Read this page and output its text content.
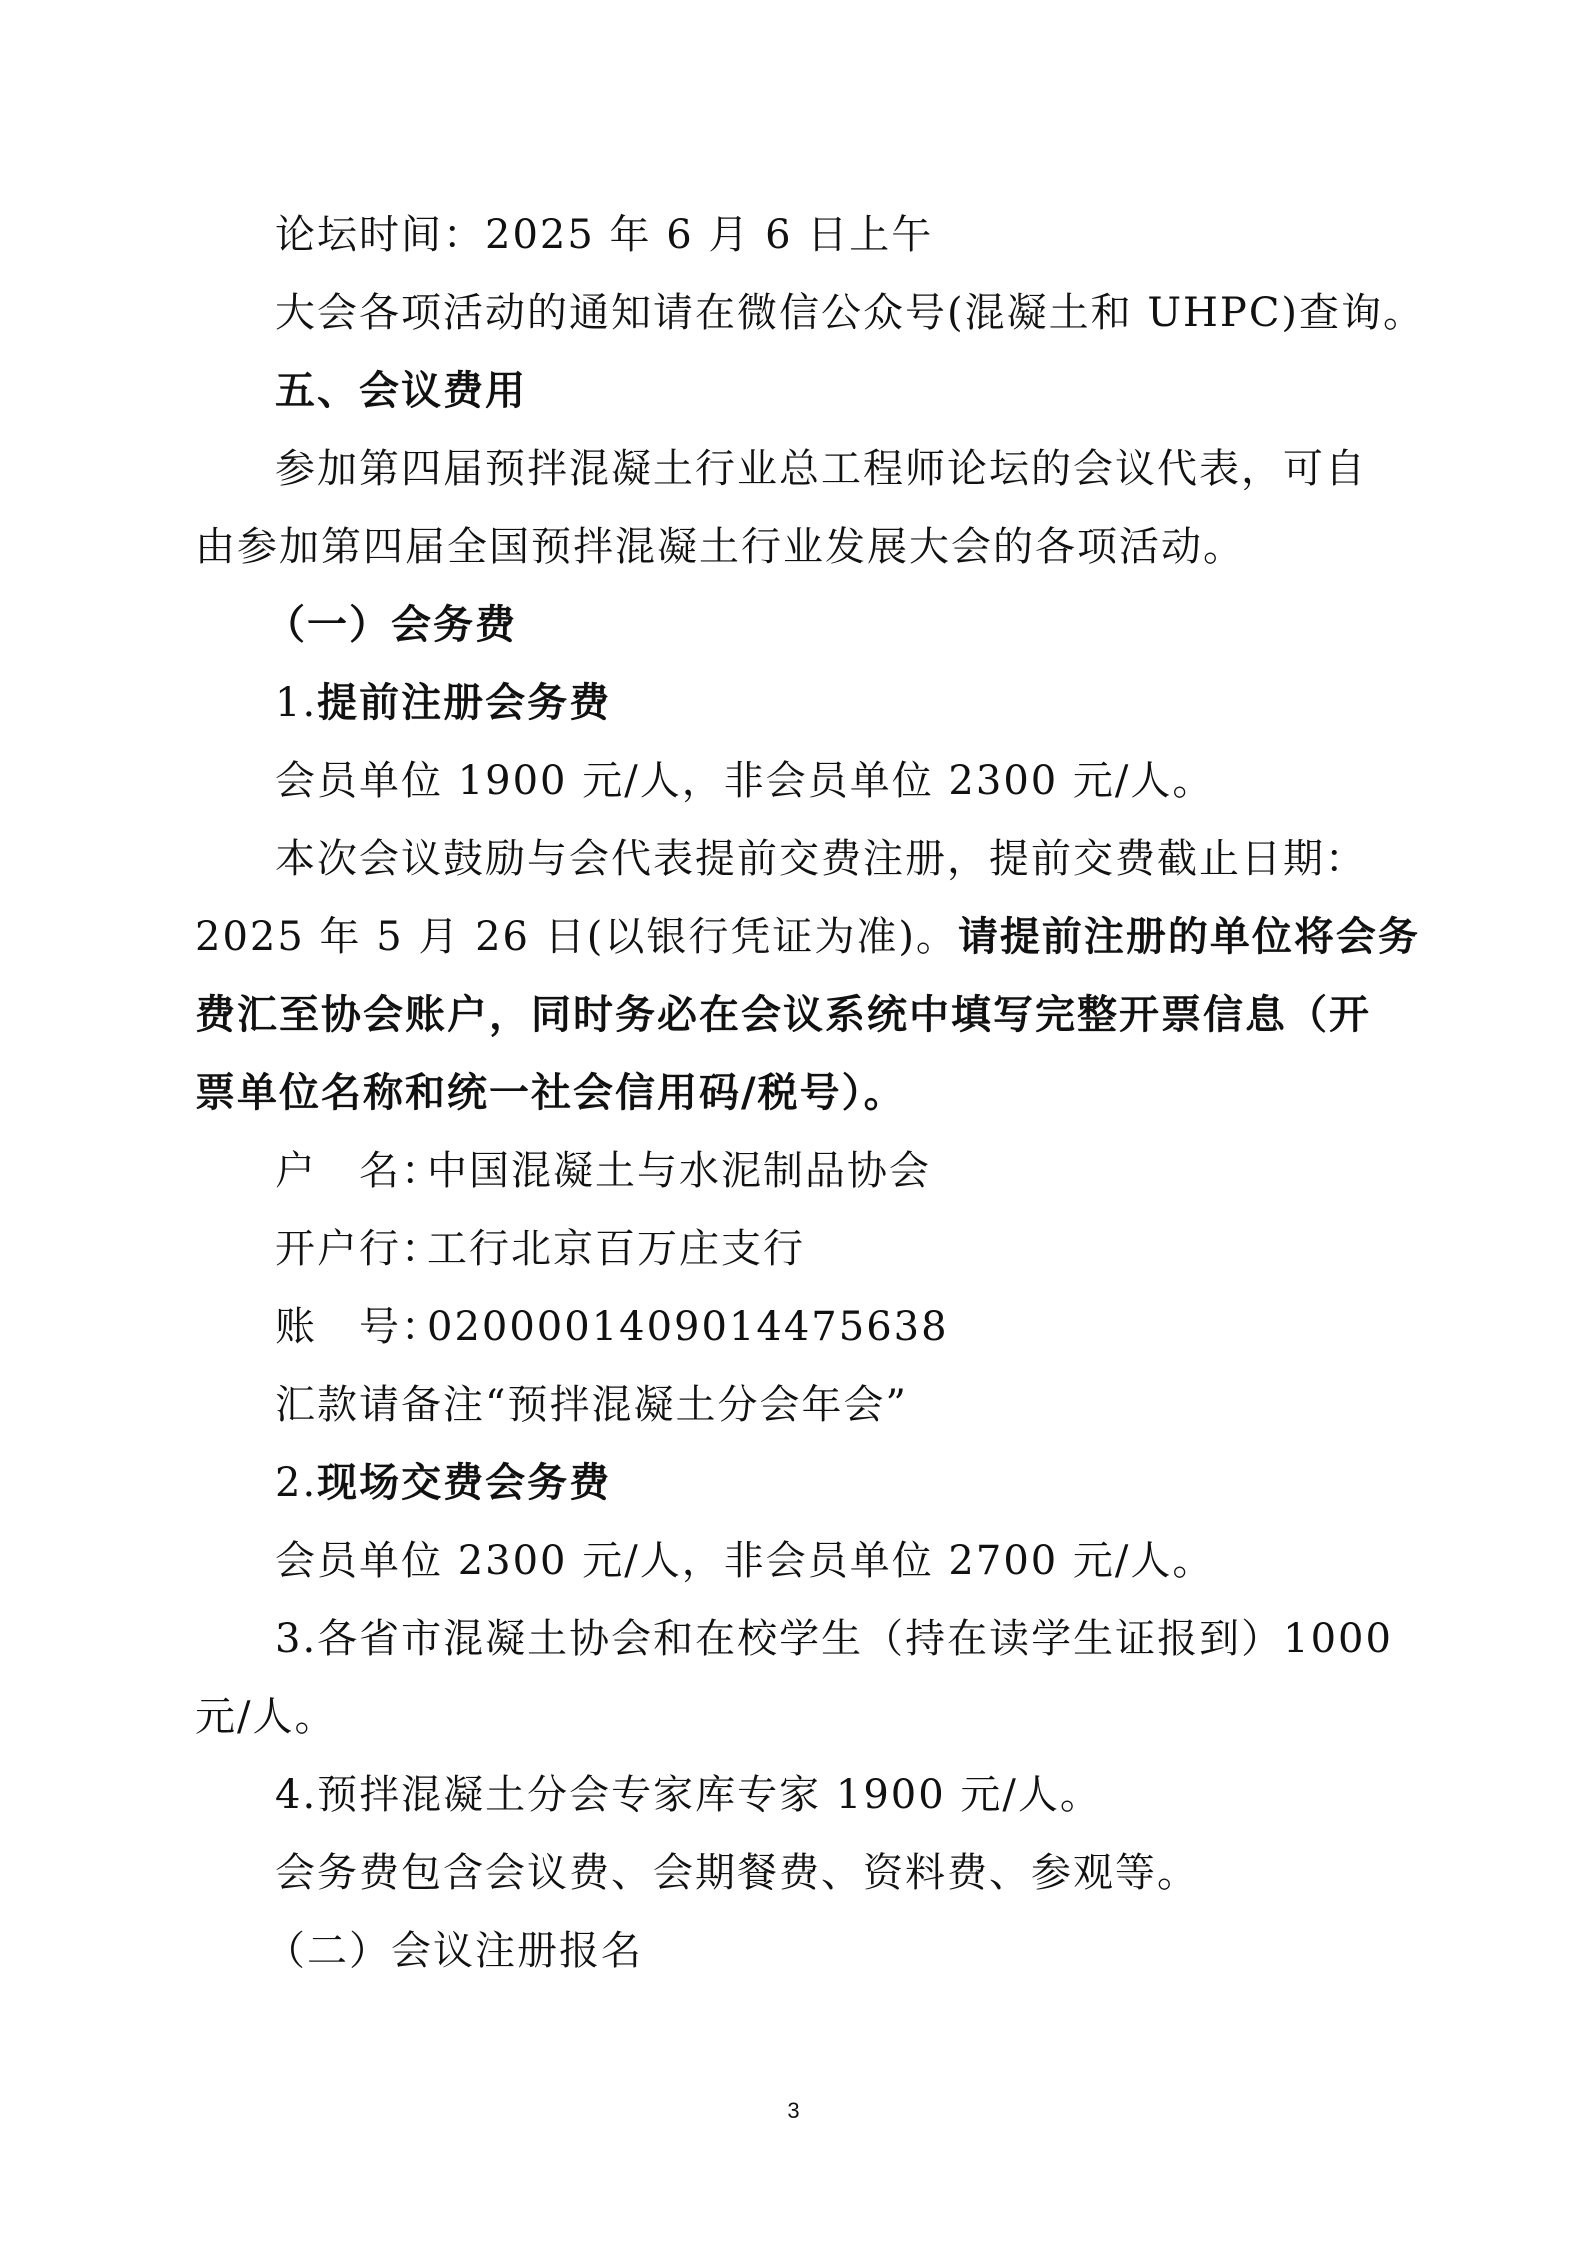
论坛时间：2025 年 6 月 6 日上午
大会各项活动的通知请在微信公众号(混凝土和 UHPC)查询。
五、会议费用
参加第四届预拌混凝土行业总工程师论坛的会议代表，可自
由参加第四届全国预拌混凝土行业发展大会的各项活动。
（一）会务费
1.提前注册会务费
会员单位 1900 元/人，非会员单位 2300 元/人。
本次会议鼓励与会代表提前交费注册，提前交费截止日期：
2025 年 5 月 26 日(以银行凭证为准)。请提前注册的单位将会务
费汇至协会账户，同时务必在会议系统中填写完整开票信息（开
票单位名称和统一社会信用码/税号）。
户　名：中国混凝土与水泥制品协会
开户行：工行北京百万庄支行
账　号：0200001409014475638
汇款请备注“预拌混凝土分会年会”
2.现场交费会务费
会员单位 2300 元/人，非会员单位 2700 元/人。
3.各省市混凝土协会和在校学生（持在读学生证报到）1000
元/人。
4.预拌混凝土分会专家库专家 1900 元/人。
会务费包含会议费、会期餐费、资料费、参观等。
（二）会议注册报名
3
